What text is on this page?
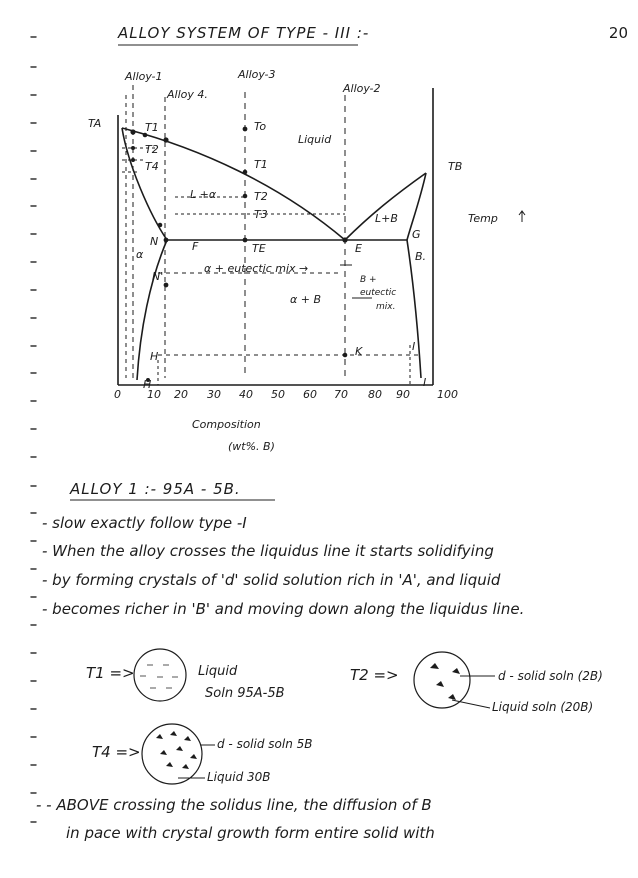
20
ALLOY SYSTEM OF TYPE - III :-
Alloy-1
Alloy 4.
Alloy-3
Alloy-2
TA	T1
T2
T4
To
T1
T2
T3
TE
TB
Temp
Liquid
L +α
L+B
α	B.
α + eutectic mix →
α + B
B +
eutectic
mix.
N	F	E
G
N'
H
H
K	I
I
0 10 20 30 40 50 60 70 80 90 100
Composition
(wt%. B)
ALLOY 1 :- 95A - 5B.
- slow exactly follow type -I
- When the alloy crosses the liquidus line it starts solidifying
- by forming crystals of 'd' solid solution rich in 'A', and liquid
- becomes richer in 'B' and moving down along the liquidus line.
T1 =>	Liquid
Soln 95A-5B
T2 =>	d - solid soln (2B)
Liquid soln (20B)
T4 =>	d - solid soln 5B
Liquid 30B
- - ABOVE crossing the solidus line, the diffusion of B
in pace with crystal growth form entire solid with
